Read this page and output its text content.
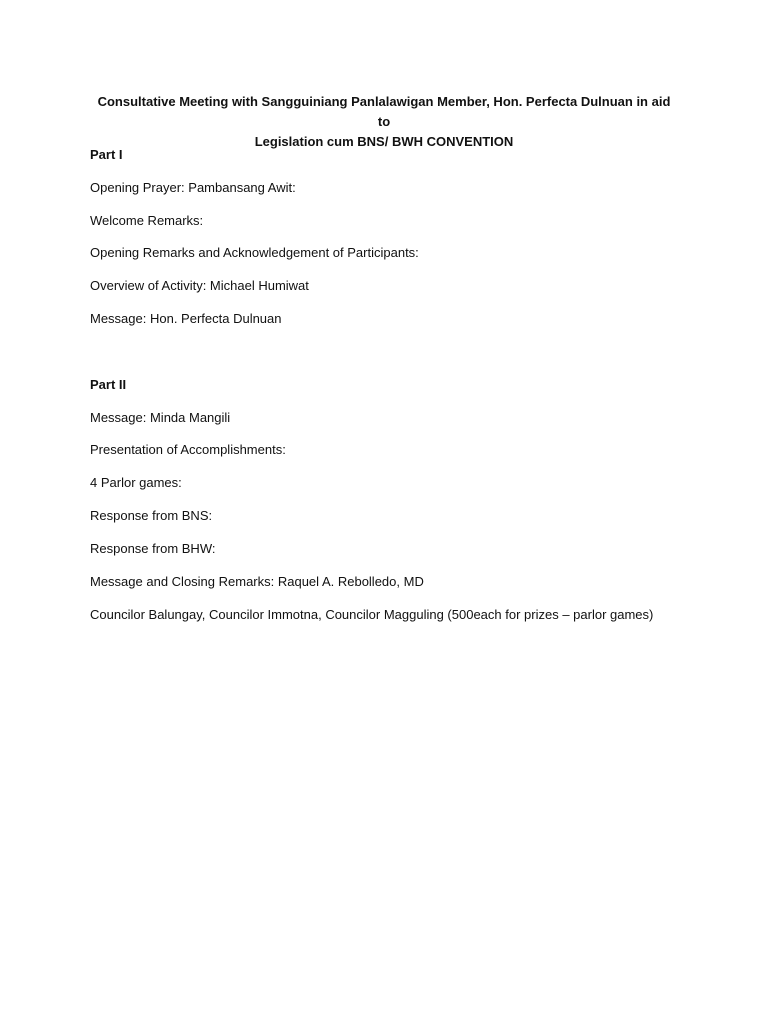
Consultative Meeting with Sangguiniang Panlalawigan Member, Hon. Perfecta Dulnuan in aid to
Legislation cum BNS/ BWH CONVENTION

Part I

Opening Prayer: Pambansang Awit:

Welcome Remarks:

Opening Remarks and Acknowledgement of Participants:

Overview of Activity: Michael Humiwat

Message: Hon. Perfecta Dulnuan

Part II

Message: Minda Mangili

Presentation of Accomplishments:

4 Parlor games:

Response from BNS:

Response from BHW:

Message and Closing Remarks: Raquel A. Rebolledo, MD

Councilor Balungay, Councilor Immotna, Councilor Magguling (500each for prizes – parlor games)
